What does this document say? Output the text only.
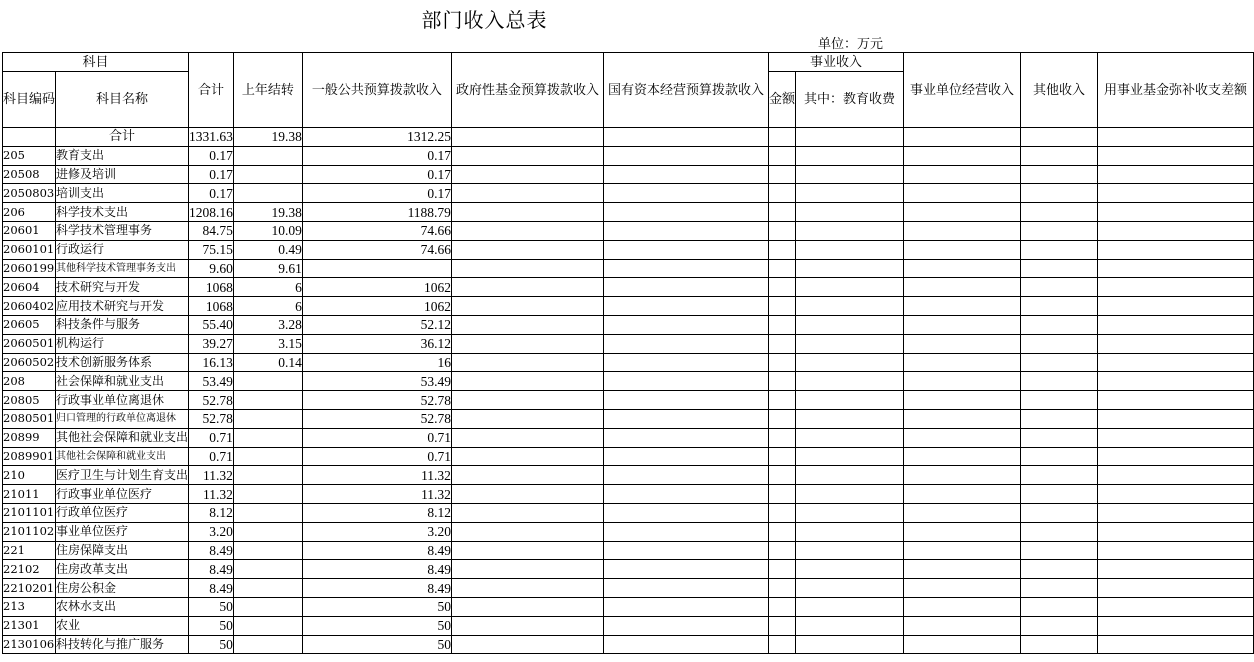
部门收入总表
单位：万元
科目		合计	上年结转	一般公共预算拨款收入	政府性基金预算拨款收入	国有资本经营预算拨款收入	事业收入		事业单位经营收入	其他收入	用事业基金弥补收支差额
科目编码	科目名称						金额	其中：教育收费			
	合计	1331.63	19.38	1312.25							
205	教育支出	0.17		0.17							
20508	进修及培训	0.17		0.17							
2050803	培训支出	0.17		0.17							
206	科学技术支出	1208.16	19.38	1188.79							
20601	科学技术管理事务	84.75	10.09	74.66							
2060101	行政运行	75.15	0.49	74.66							
2060199	其他科学技术管理事务支出	9.60	9.61								
20604	技术研究与开发	1068	6	1062							
2060402	应用技术研究与开发	1068	6	1062							
20605	科技条件与服务	55.40	3.28	52.12							
2060501	机构运行	39.27	3.15	36.12							
2060502	技术创新服务体系	16.13	0.14	16							
208	社会保障和就业支出	53.49		53.49							
20805	行政事业单位离退休	52.78		52.78							
2080501	归口管理的行政单位离退休	52.78		52.78							
20899	其他社会保障和就业支出	0.71		0.71							
2089901	其他社会保障和就业支出	0.71		0.71							
210	医疗卫生与计划生育支出	11.32		11.32							
21011	行政事业单位医疗	11.32		11.32							
2101101	行政单位医疗	8.12		8.12							
2101102	事业单位医疗	3.20		3.20							
221	住房保障支出	8.49		8.49							
22102	住房改革支出	8.49		8.49							
2210201	住房公积金	8.49		8.49							
213	农林水支出	50		50							
21301	农业	50		50							
2130106	科技转化与推广服务	50		50							
